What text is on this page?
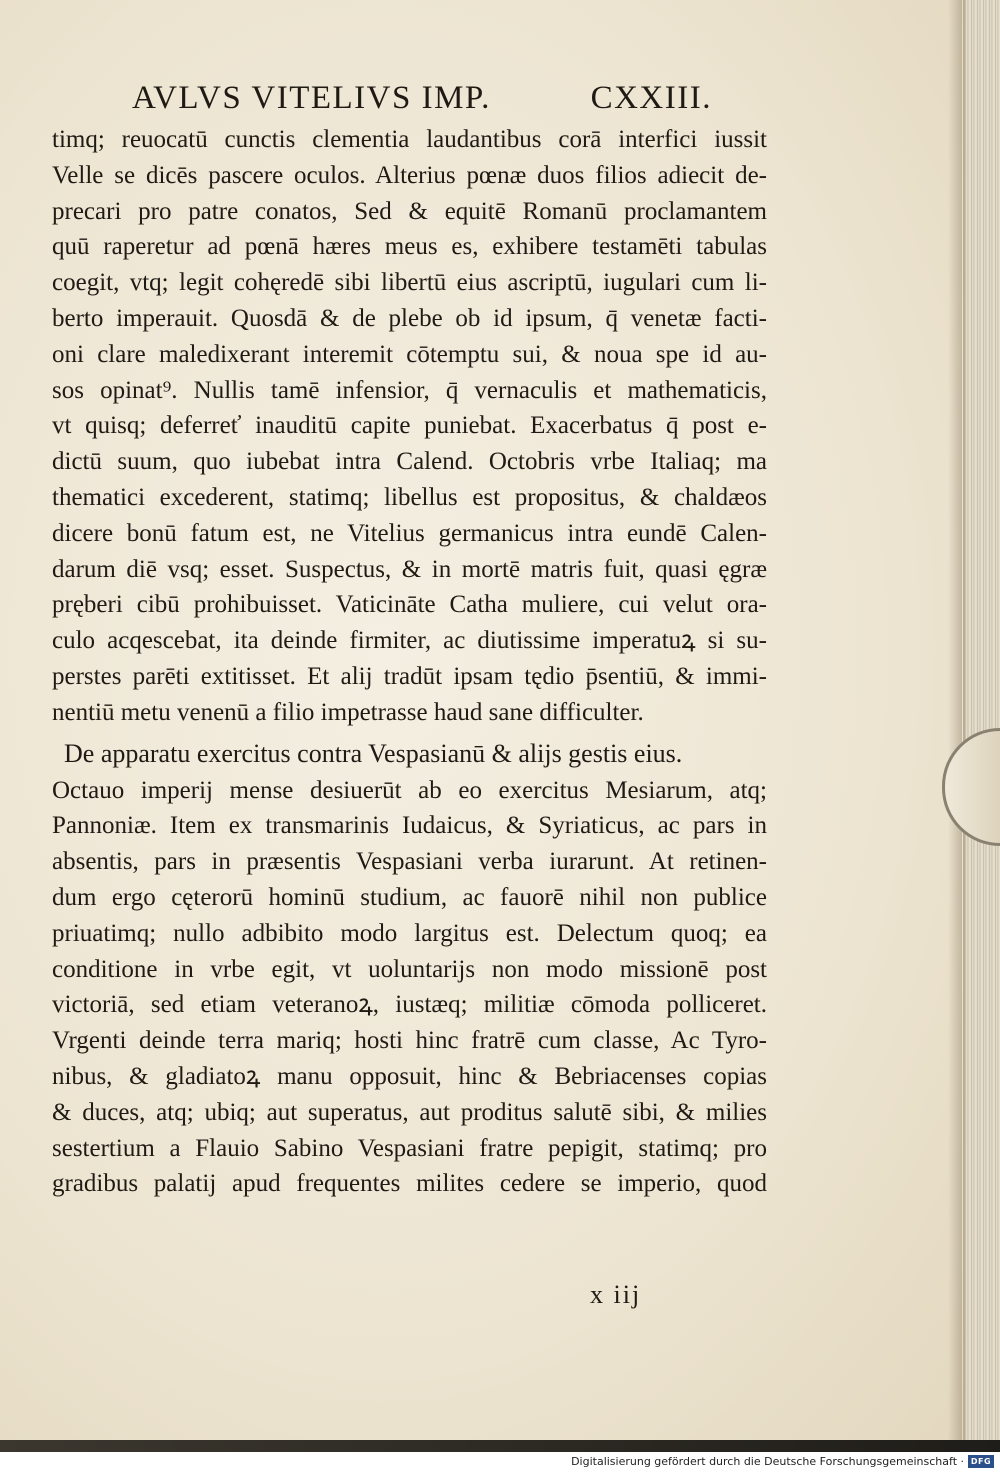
AVLVS VITELIVS IMP.	CXXIII.
timq; reuocatū cunctis clementia laudantibus corā interfici iussit
Velle se dicēs pascere oculos. Alterius pœnæ duos filios adiecit de-
precari pro patre conatos, Sed & equitē Romanū proclamantem
quū raperetur ad pœnā hæres meus es, exhibere testamēti tabulas
coegit, vtq; legit cohęredē sibi libertū eius ascriptū, iugulari cum li-
berto imperauit. Quosdā & de plebe ob id ipsum, q̄ venetæ facti-
oni clare maledixerant interemit cōtemptu sui, & noua spe id au-
sos opinat⁹. Nullis tamē infensior, q̄ vernaculis et mathematicis,
vt quisq; deferreť inauditū capite puniebat. Exacerbatus q̄ post e-
dictū suum, quo iubebat intra Calend. Octobris vrbe Italiaq; ma
thematici excederent, statimq; libellus est propositus, & chaldæos
dicere bonū fatum est, ne Vitelius germanicus intra eundē Calen-
darum diē vsq; esset. Suspectus, & in mortē matris fuit, quasi ęgræ
pręberi cibū prohibuisset. Vaticināte Catha muliere, cui velut ora-
culo acqescebat, ita deinde firmiter, ac diutissime imperatuꝝ si su-
perstes parēti extitisset. Et alij tradūt ipsam tędio p̄sentiū, & immi-
nentiū metu venenū a filio impetrasse haud sane difficulter.
De apparatu exercitus contra Vespasianū & alijs gestis eius.
Octauo imperij mense desiuerūt ab eo exercitus Mesiarum, atq;
Pannoniæ. Item ex transmarinis Iudaicus, & Syriaticus, ac pars in
absentis, pars in præsentis Vespasiani verba iurarunt. At retinen-
dum ergo cęterorū hominū studium, ac fauorē nihil non publice
priuatimq; nullo adbibito modo largitus est. Delectum quoq; ea
conditione in vrbe egit, vt uoluntarijs non modo missionē post
victoriā, sed etiam veteranoꝝ, iustæq; militiæ cōmoda polliceret.
Vrgenti deinde terra mariq; hosti hinc fratrē cum classe, Ac Tyro-
nibus, & gladiatoꝝ manu opposuit, hinc & Bebriacenses copias
& duces, atq; ubiq; aut superatus, aut proditus salutē sibi, & milies
sestertium a Flauio Sabino Vespasiani fratre pepigit, statimq; pro
gradibus palatij apud frequentes milites cedere se imperio, quod
x iij
Digitalisierung gefördert durch die Deutsche Forschungsgemeinschaft · DFG
